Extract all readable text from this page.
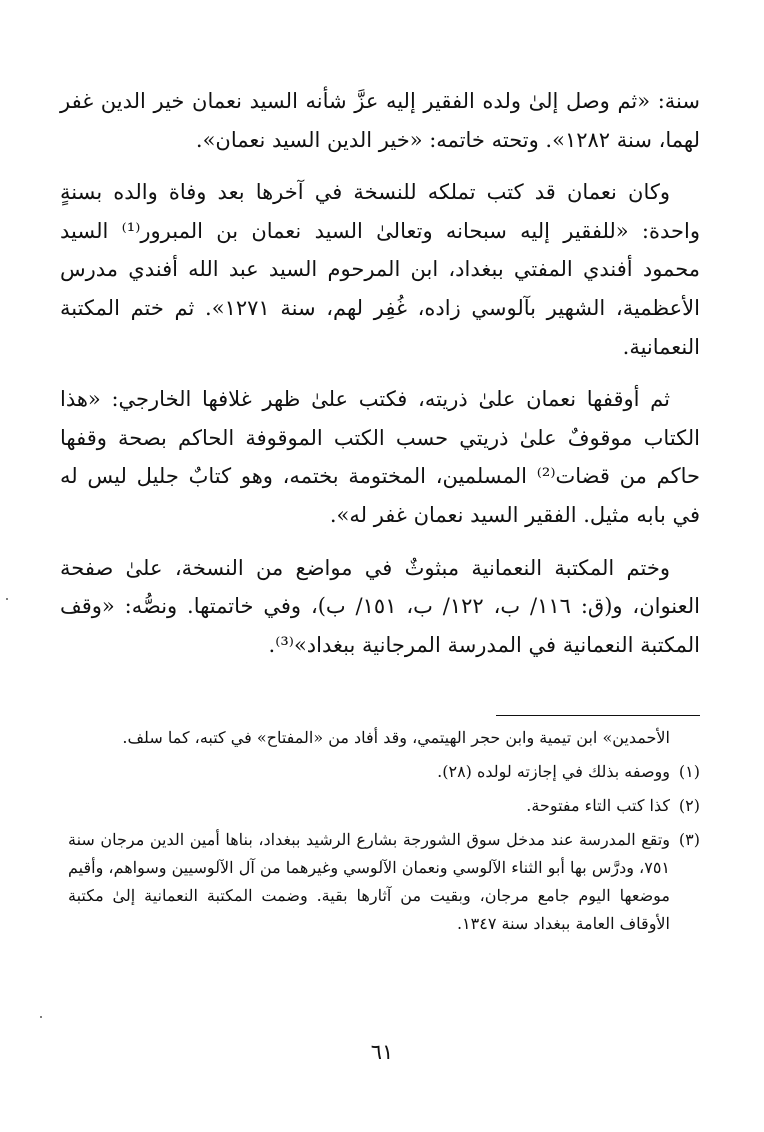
سنة: «ثم وصل إلىٰ ولده الفقير إليه عزَّ شأنه السيد نعمان خير الدين غفر لهما، سنة ١٢٨٢». وتحته خاتمه: «خير الدين السيد نعمان».

وكان نعمان قد كتب تملكه للنسخة في آخرها بعد وفاة والده بسنةٍ واحدة: «للفقير إليه سبحانه وتعالىٰ السيد نعمان بن المبرور⁽¹⁾ السيد محمود أفندي المفتي ببغداد، ابن المرحوم السيد عبد الله أفندي مدرس الأعظمية، الشهير بآلوسي زاده، غُفِر لهم، سنة ١٢٧١». ثم ختم المكتبة النعمانية.

ثم أوقفها نعمان علىٰ ذريته، فكتب علىٰ ظهر غلافها الخارجي: «هذا الكتاب موقوفٌ علىٰ ذريتي حسب الكتب الموقوفة الحاكم بصحة وقفها حاكم من قضات⁽²⁾ المسلمين، المختومة بختمه، وهو كتابٌ جليل ليس له في بابه مثيل. الفقير السيد نعمان غفر له».

وختم المكتبة النعمانية مبثوثٌ في مواضع من النسخة، علىٰ صفحة العنوان، و(ق: ١١٦/ ب، ١٢٢/ ب، ١٥١/ ب)، وفي خاتمتها. ونصُّه: «وقف المكتبة النعمانية في المدرسة المرجانية ببغداد»⁽³⁾.

الأحمدين» ابن تيمية وابن حجر الهيتمي، وقد أفاد من «المفتاح» في كتبه، كما سلف.

(١)
ووصفه بذلك في إجازته لولده (٢٨).
(٢)
كذا كتب التاء مفتوحة.
(٣)
وتقع المدرسة عند مدخل سوق الشورجة بشارع الرشيد ببغداد، بناها أمين الدين مرجان سنة ٧٥١، ودرَّس بها أبو الثناء الآلوسي ونعمان الآلوسي وغيرهما من آل الآلوسيين وسواهم، وأقيم موضعها اليوم جامع مرجان، وبقيت من آثارها بقية. وضمت المكتبة النعمانية إلىٰ مكتبة الأوقاف العامة ببغداد سنة ١٣٤٧.
٦١
